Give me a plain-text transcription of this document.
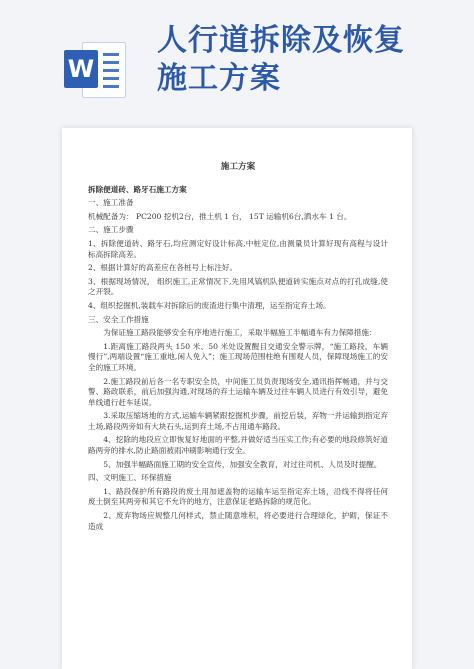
W
人行道拆除及恢复
施工方案
施工方案
拆除便道砖、路牙石施工方案

一、施工准备

机械配备为： PC200 挖机2台，推土机 1 台， 15T 运输机6台,洒水车 1 台。

二、施工步骤

1、拆除便道砖、路牙石,均应测定好设计标高,中桩定位,由测量员计算好现有高程与设计标高拆除高差。

2、根据计算好的高差应在各桩号上标注好。

3、根据现场情况， 组织施工,正常情况下,先用风镐机队便道砖实施点对点的打孔成缝,使之开裂。

4、组织挖掘机,装载车对拆除后的废渣进行集中清理，运至指定弃土场。

三、安全工作措施

为保证施工路段能够安全有序地进行施工，采取半幅施工半幅通车有力保障措施：

1.距离施工路段两头 150 米、50 米处设置醒目交通安全警示牌，“施工路段，车辆慢行”,两端设置“施工重地,闲人免入”；施工现场范围柱绝有围观人员，保障现场施工的安全的施工环境。

2.施工路段前后各一名专职安全员，中间施工员负责现场安全,通讯指挥畅通，并与交警、路政联系，前后加强沟通,对现场的弃土运输车辆及过往车辆人员进行有效引导，避免单线通行赶车延误。

3.采取压缩场地的方式,运输车辆紧跟挖掘机步骤，前挖后装，弃物一并运输到指定弃土场,路段两旁如有大块石头,运到弃土场,不占用通车路段。

4、挖除的地段应立即恢复好地面的平整,并做好适当压实工作;有必要的地段修筑好道路两旁的排水,防止路面被雨冲刷影响通行安全。

5、加强半幅路面施工期的安全宣传，加强安全教育，对过往司机、人员及时提醒。

四、文明施工、环保措施

1、路段保护所有路段的废土用加遮盖物的运输车运至指定弃土场，沿线不得将任何废土倒至其两旁和其它不允许的地方，注意保证老路拆除的规范化。

2、废弃物场应规整几何样式，禁止随意堆积，将必要进行合理绿化，护砌，保证不造成
